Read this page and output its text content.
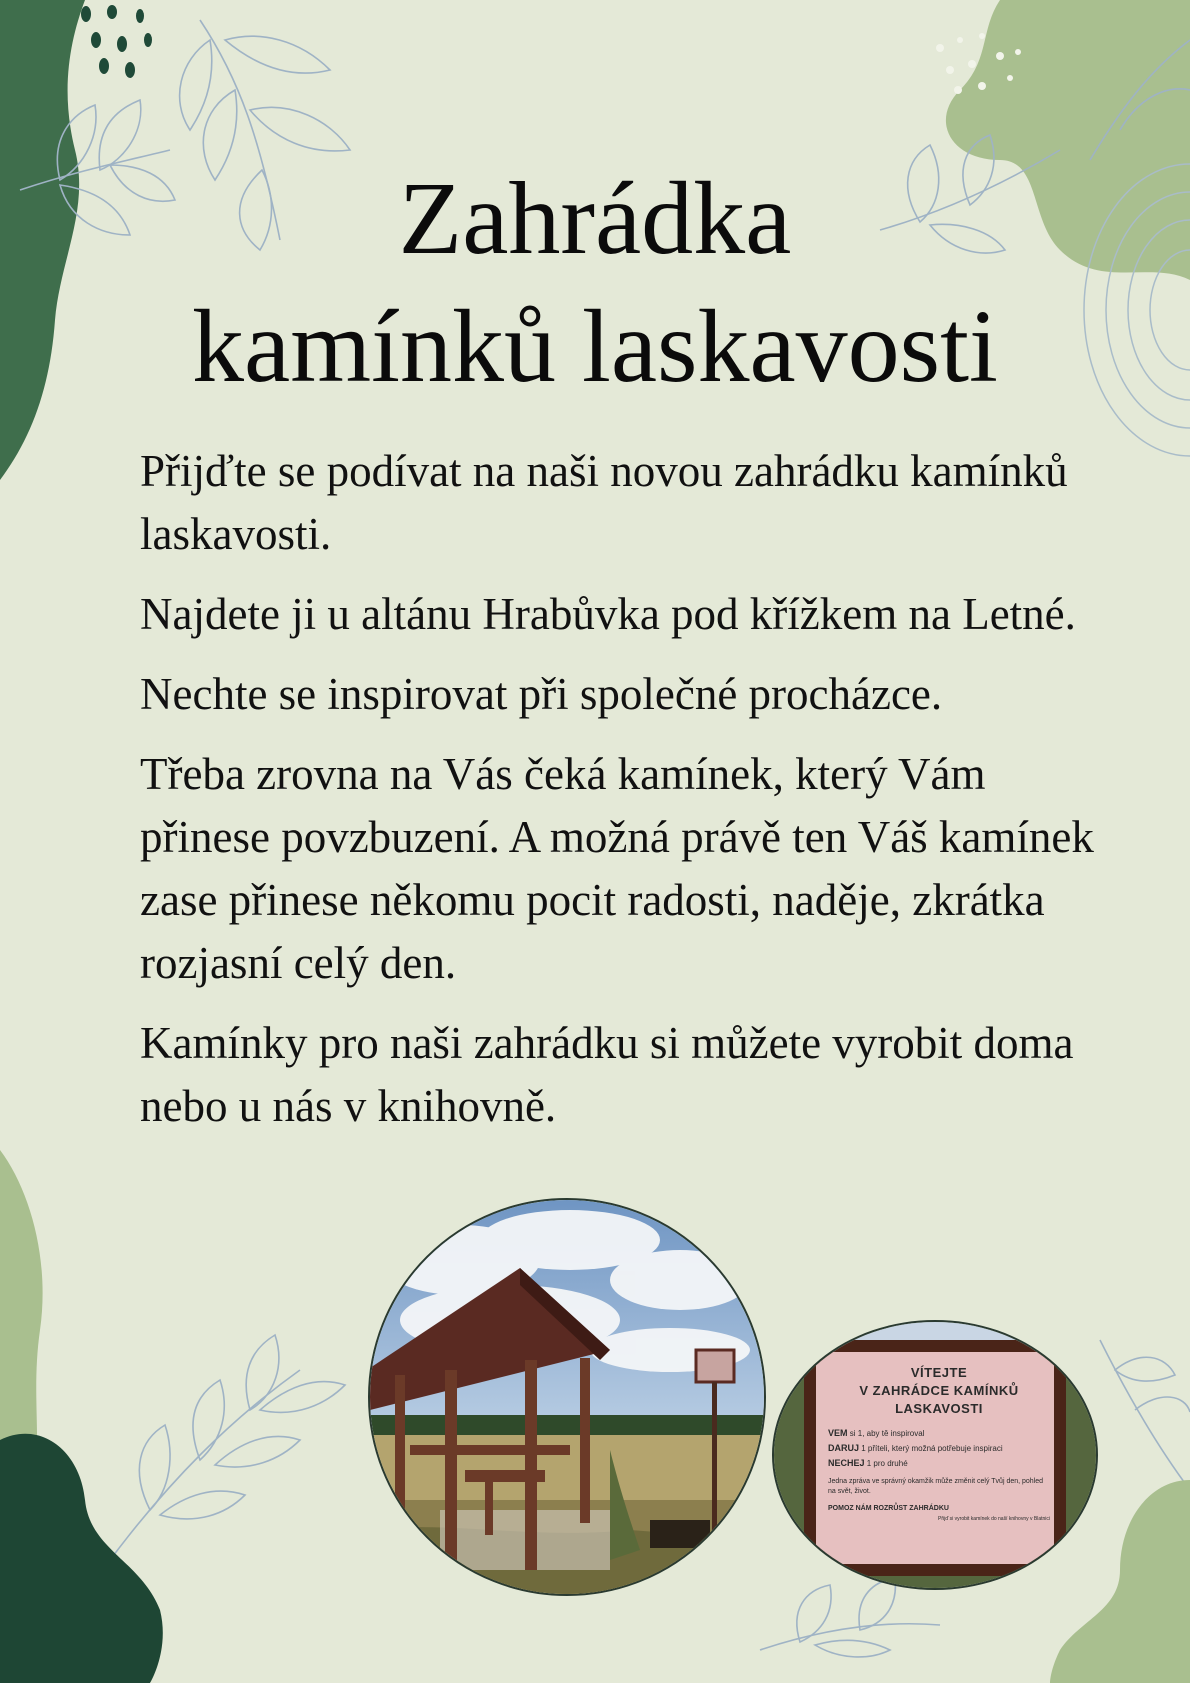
Zahrádka
kamínků laskavosti

Přijďte se podívat na naši novou zahrádku kamínků laskavosti.

Najdete ji u altánu Hrabůvka pod křížkem na Letné.

Nechte se inspirovat při společné procházce.

Třeba zrovna na Vás čeká kamínek, který Vám přinese povzbuzení. A možná právě ten Váš kamínek zase přinese někomu pocit radosti, naděje, zkrátka rozjasní celý den.

Kamínky pro naši zahrádku si můžete vyrobit doma nebo u nás v knihovně.

VÍTEJTE
V ZAHRÁDCE KAMÍNKŮ LASKAVOSTI
VEM si 1, aby tě inspiroval
DARUJ 1 příteli, který možná potřebuje inspiraci
NECHEJ 1 pro druhé
Jedna zpráva ve správný okamžik může změnit celý Tvůj den, pohled na svět, život.
POMOZ NÁM ROZRŮST ZAHRÁDKU
Přijď si vyrobit kamínek do naší knihovny v Blatnici
